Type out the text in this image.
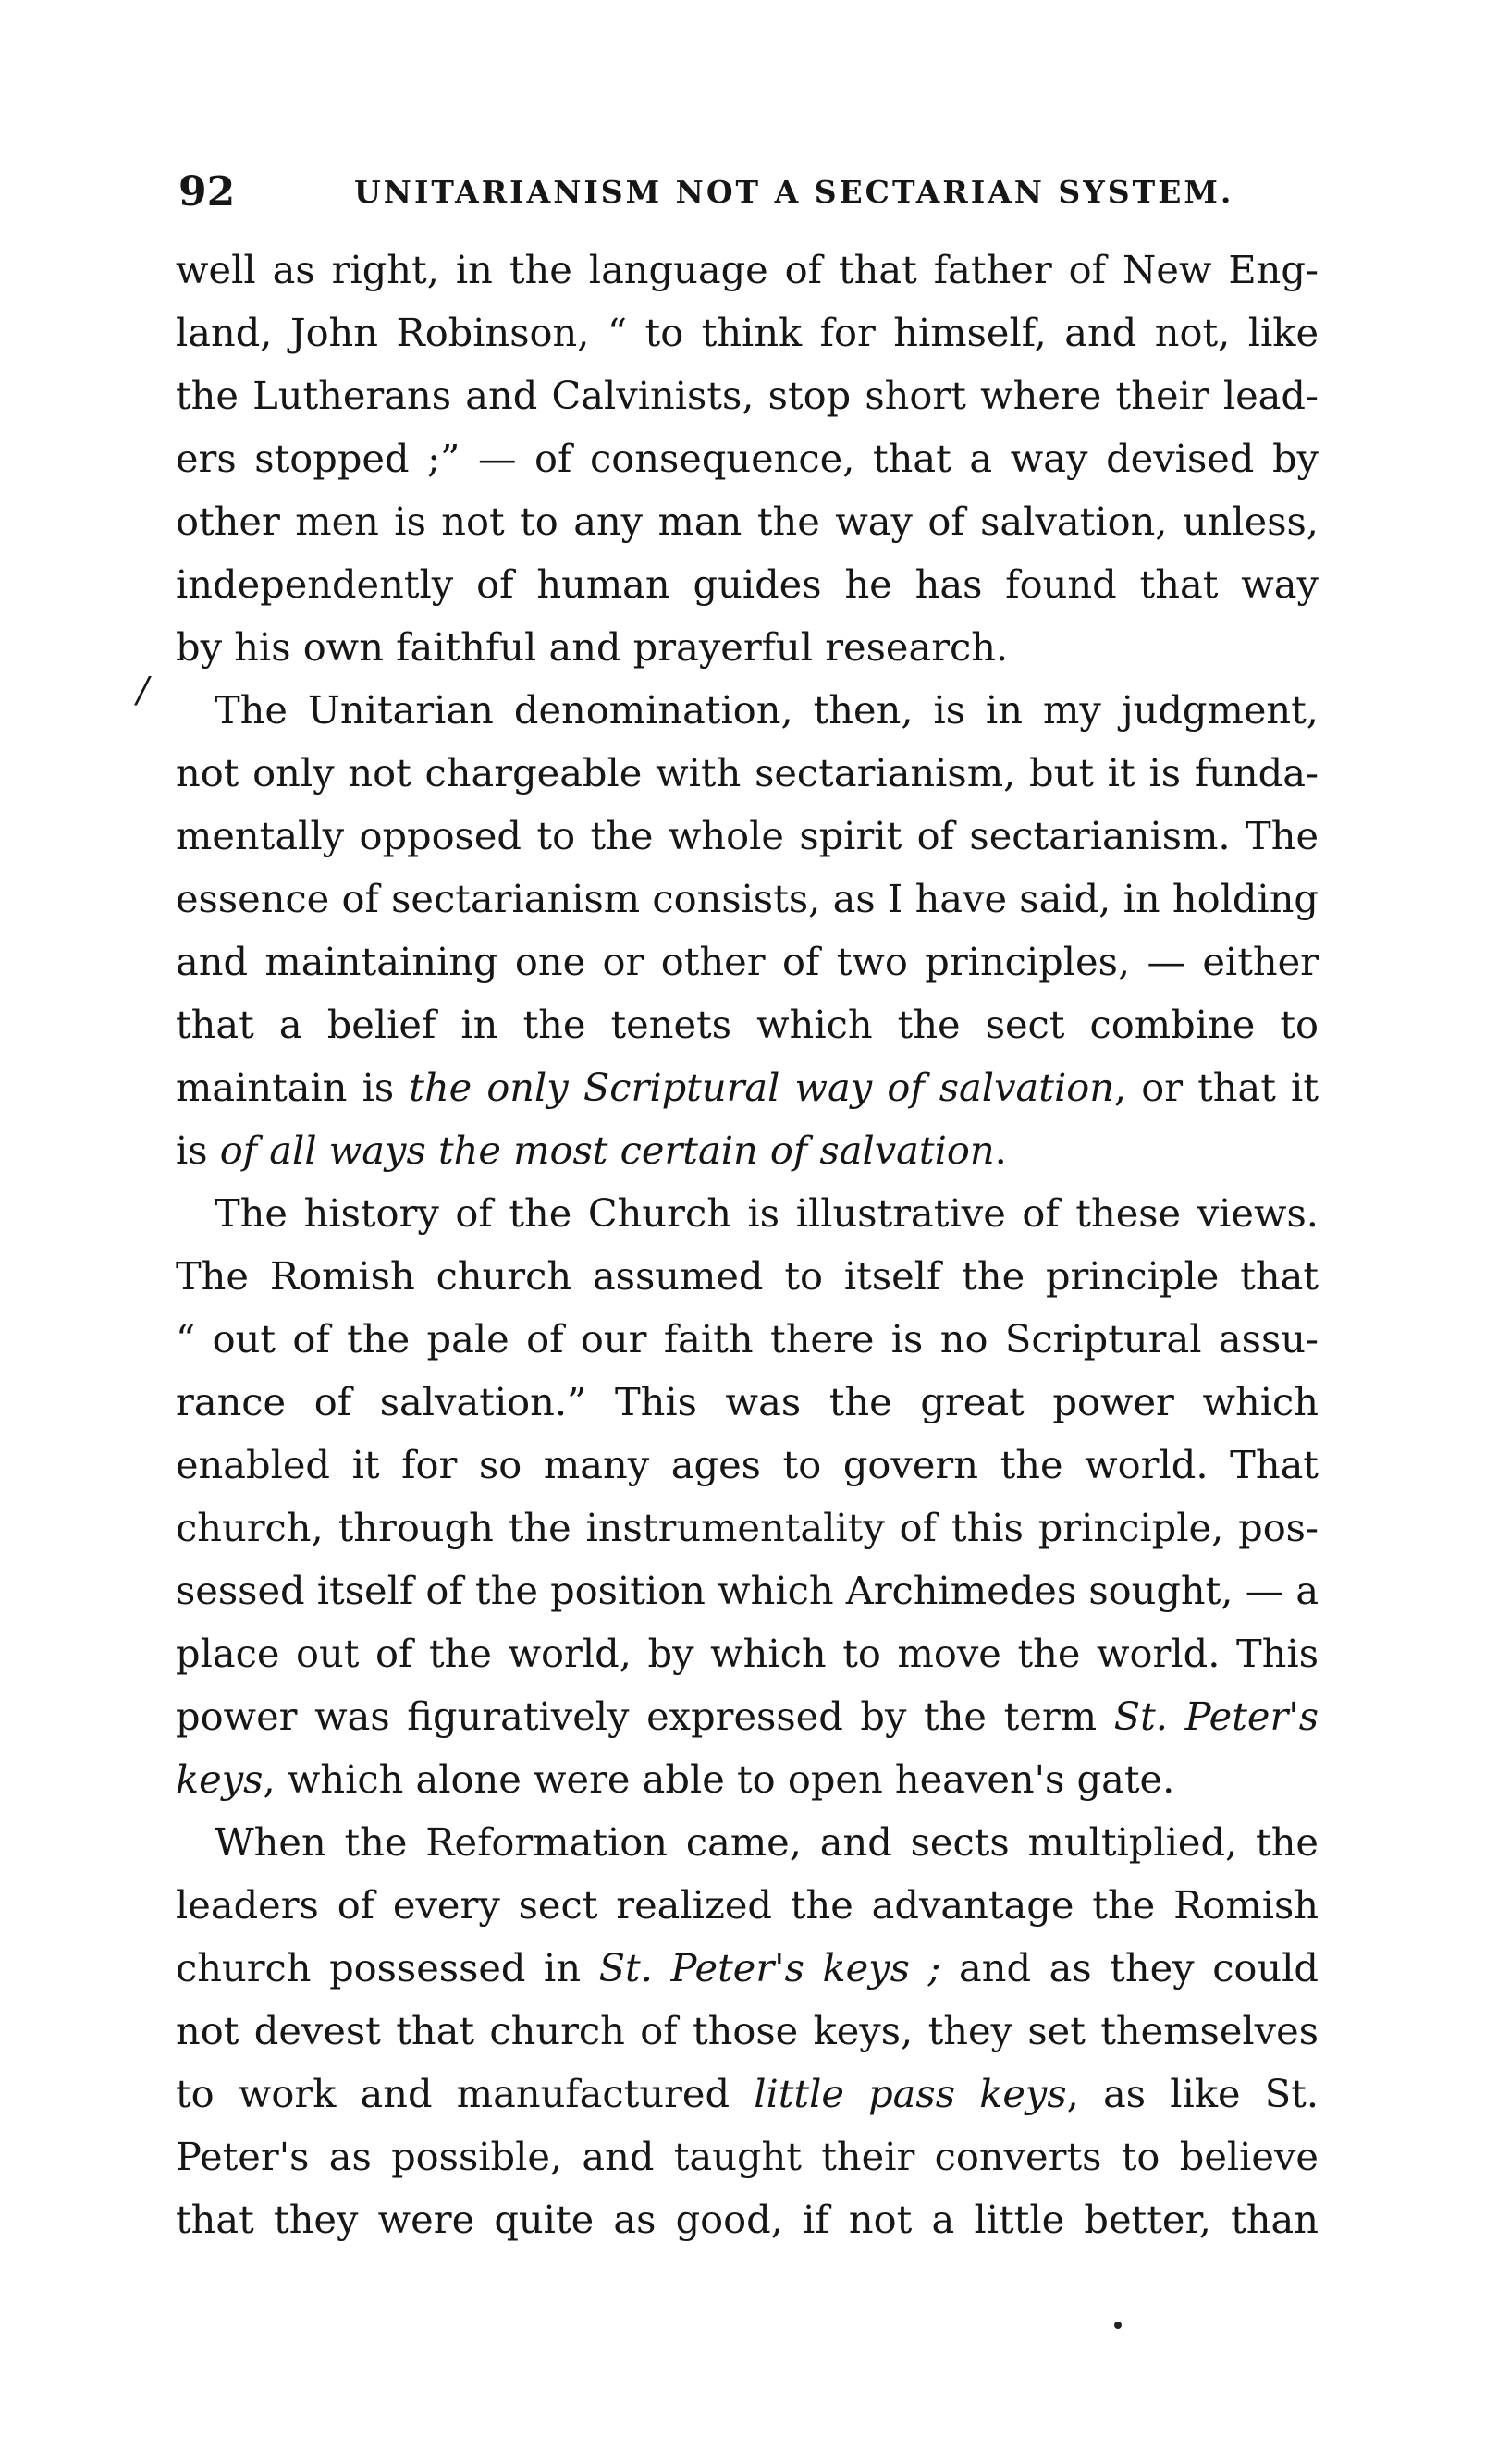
92	UNITARIANISM NOT A SECTARIAN SYSTEM.
/
well as right, in the language of that father of New Eng-
land, John Robinson, “ to think for himself, and not, like
the Lutherans and Calvinists, stop short where their lead-
ers stopped ;” — of consequence, that a way devised by
other men is not to any man the way of salvation, unless,
independently of human guides he has found that way
by his own faithful and prayerful research.
The Unitarian denomination, then, is in my judgment,
not only not chargeable with sectarianism, but it is funda-
mentally opposed to the whole spirit of sectarianism. The
essence of sectarianism consists, as I have said, in holding
and maintaining one or other of two principles, — either
that a belief in the tenets which the sect combine to
maintain is the only Scriptural way of salvation, or that it
is of all ways the most certain of salvation.
The history of the Church is illustrative of these views.
The Romish church assumed to itself the principle that
“ out of the pale of our faith there is no Scriptural assu-
rance of salvation.” This was the great power which
enabled it for so many ages to govern the world. That
church, through the instrumentality of this principle, pos-
sessed itself of the position which Archimedes sought, — a
place out of the world, by which to move the world. This
power was figuratively expressed by the term St. Peter's
keys, which alone were able to open heaven's gate.
When the Reformation came, and sects multiplied, the
leaders of every sect realized the advantage the Romish
church possessed in St. Peter's keys ; and as they could
not devest that church of those keys, they set themselves
to work and manufactured little pass keys, as like St.
Peter's as possible, and taught their converts to believe
that they were quite as good, if not a little better, than
